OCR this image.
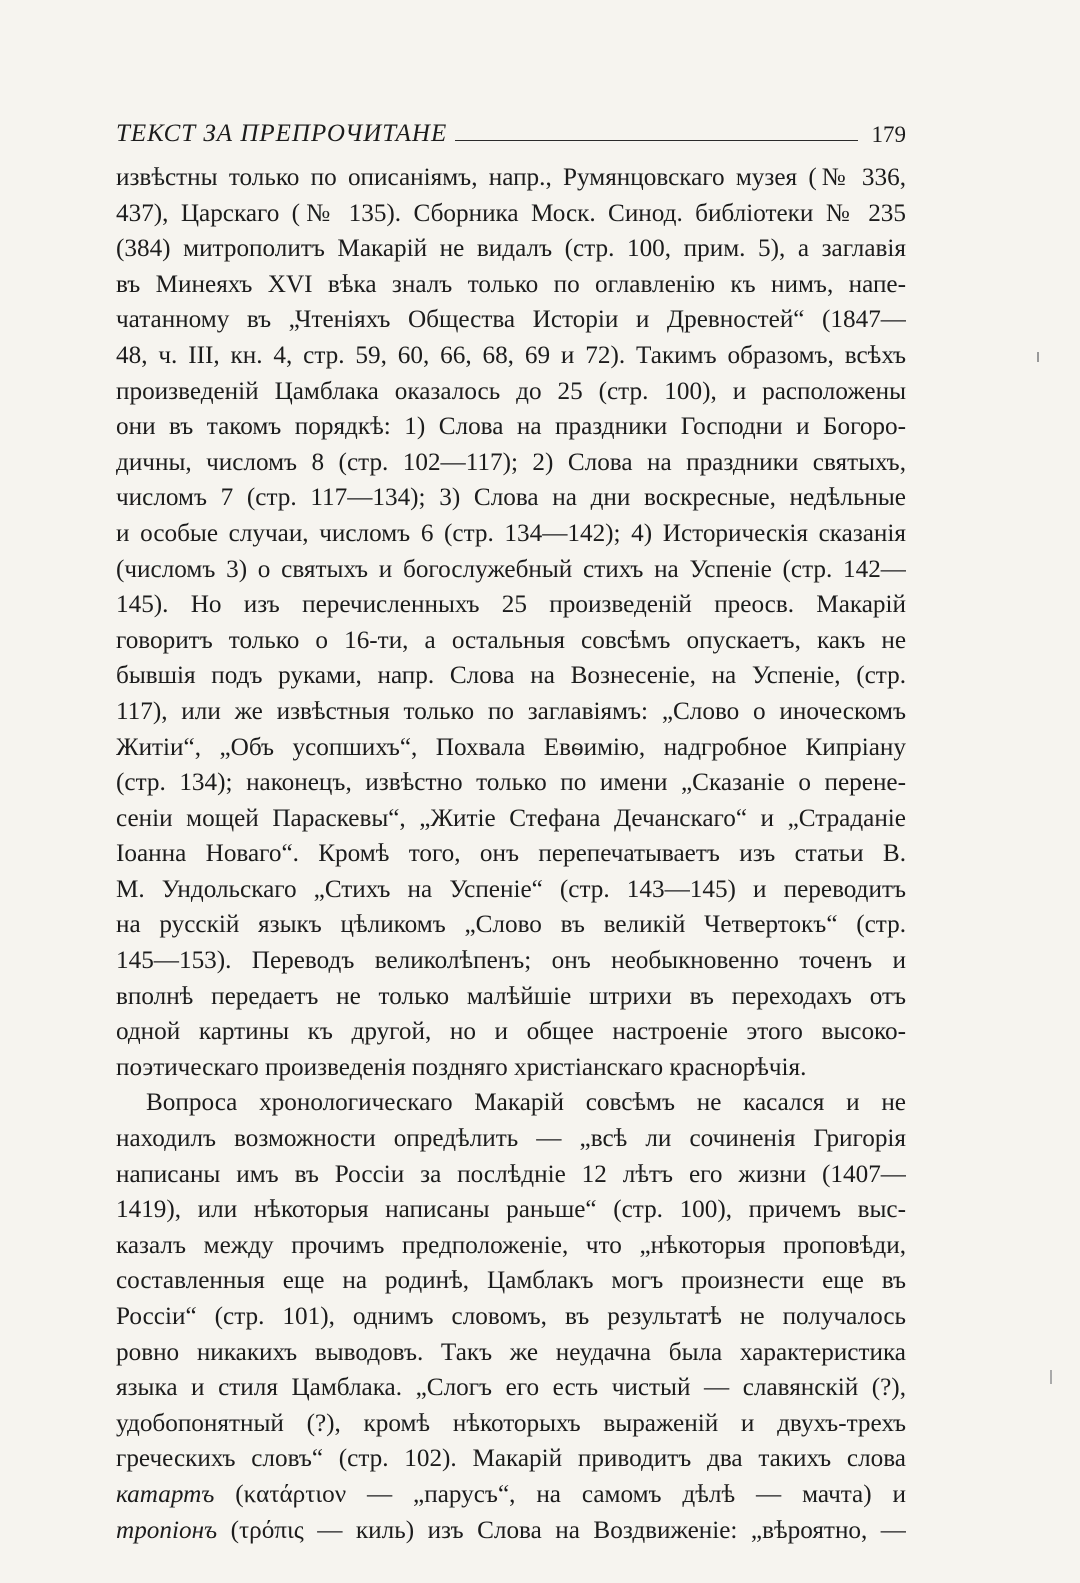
ТЕКСТ ЗА ПРЕПРОЧИТАНЕ	179
извѣстны только по описаніямъ, напр., Румянцовскаго музея (№ 336,
437), Царскаго (№ 135). Сборника Моск. Синод. библіотеки № 235
(384) митрополитъ Макарій не видалъ (стр. 100, прим. 5), а заглавія
въ Минеяхъ XVI вѣка зналъ только по оглавленію къ нимъ, напе-
чатанному въ „Чтеніяхъ Общества Исторіи и Древностей“ (1847—
48, ч. III, кн. 4, стр. 59, 60, 66, 68, 69 и 72). Такимъ образомъ, всѣхъ
произведеній Цамблака оказалось до 25 (стр. 100), и расположены
они въ такомъ порядкѣ: 1) Слова на праздники Господни и Богоро-
дичны, числомъ 8 (стр. 102—117); 2) Слова на праздники святыхъ,
числомъ 7 (стр. 117—134); 3) Слова на дни воскресные, недѣльные
и особые случаи, числомъ 6 (стр. 134—142); 4) Историческія сказанія
(числомъ 3) о святыхъ и богослужебный стихъ на Успеніе (стр. 142—
145). Но изъ перечисленныхъ 25 произведеній преосв. Макарій
говоритъ только о 16-ти, а остальныя совсѣмъ опускаетъ, какъ не
бывшія подъ руками, напр. Слова на Вознесеніе, на Успеніе, (стр.
117), или же извѣстныя только по заглавіямъ: „Слово о иноческомъ
Житіи“, „Объ усопшихъ“, Похвала Евѳимію, надгробное Кипріану
(стр. 134); наконецъ, извѣстно только по имени „Сказаніе о перене-
сеніи мощей Параскевы“, „Житіе Стефана Дечанскаго“ и „Страданіе
Іоанна Новаго“. Кромѣ того, онъ перепечатываетъ изъ статьи В.
М. Ундольскаго „Стихъ на Успеніе“ (стр. 143—145) и переводитъ
на русскій языкъ цѣликомъ „Слово въ великій Четвертокъ“ (стр.
145—153). Переводъ великолѣпенъ; онъ необыкновенно точенъ и
вполнѣ передаетъ не только малѣйшіе штрихи въ переходахъ отъ
одной картины къ другой, но и общее настроеніе этого высоко-
поэтическаго произведенія поздняго христіанскаго краснорѣчія.
Вопроса хронологическаго Макарій совсѣмъ не касался и не
находилъ возможности опредѣлить — „всѣ ли сочиненія Григорія
написаны имъ въ Россіи за послѣдніе 12 лѣтъ его жизни (1407—
1419), или нѣкоторыя написаны раньше“ (стр. 100), причемъ выс-
казалъ между прочимъ предположеніе, что „нѣкоторыя проповѣди,
составленныя еще на родинѣ, Цамблакъ могъ произнести еще въ
Россіи“ (стр. 101), однимъ словомъ, въ результатѣ не получалось
ровно никакихъ выводовъ. Такъ же неудачна была характеристика
языка и стиля Цамблака. „Слогъ его есть чистый — славянскій (?),
удобопонятный (?), кромѣ нѣкоторыхъ выраженій и двухъ-трехъ
греческихъ словъ“ (стр. 102). Макарій приводитъ два такихъ слова
катартъ (κατάρτιον — „парусъ“, на самомъ дѣлѣ — мачта) и
тропіонъ (τρόπις — киль) изъ Слова на Воздвиженіе: „вѣроятно, —
